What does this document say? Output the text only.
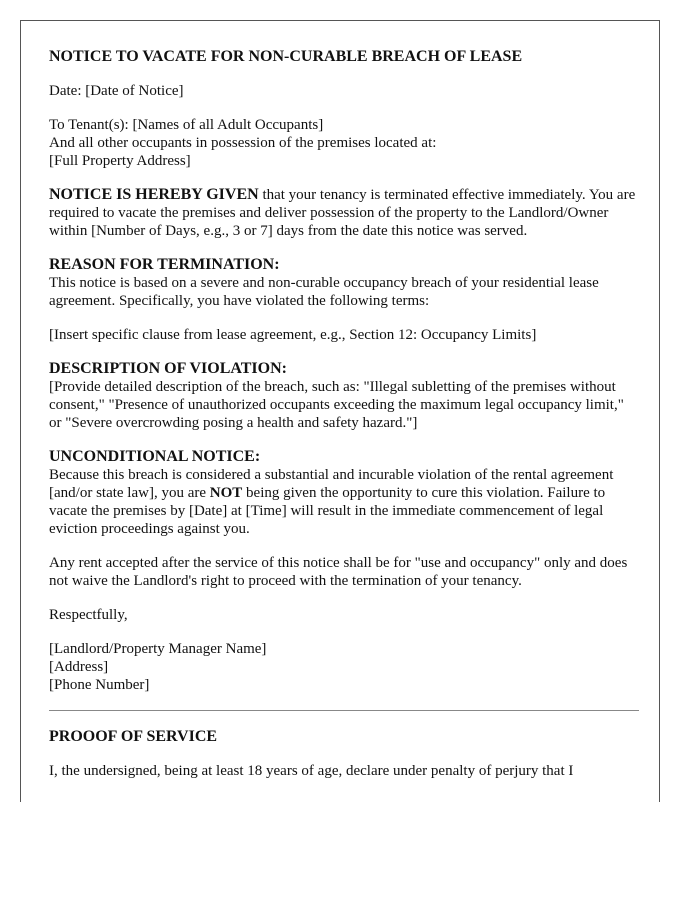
NOTICE TO VACATE FOR NON-CURABLE BREACH OF LEASE

Date: [Date of Notice]

To Tenant(s): [Names of all Adult Occupants]

And all other occupants in possession of the premises located at:

[Full Property Address]

NOTICE IS HEREBY GIVEN that your tenancy is terminated effective immediately. You are required to vacate the premises and deliver possession of the property to the Landlord/Owner within [Number of Days, e.g., 3 or 7] days from the date this notice was served.

REASON FOR TERMINATION:

This notice is based on a severe and non-curable occupancy breach of your residential lease agreement. Specifically, you have violated the following terms:

[Insert specific clause from lease agreement, e.g., Section 12: Occupancy Limits]

DESCRIPTION OF VIOLATION:

[Provide detailed description of the breach, such as: "Illegal subletting of the premises without consent," "Presence of unauthorized occupants exceeding the maximum legal occupancy limit," or "Severe overcrowding posing a health and safety hazard."]

UNCONDITIONAL NOTICE:

Because this breach is considered a substantial and incurable violation of the rental agreement [and/or state law], you are NOT being given the opportunity to cure this violation. Failure to vacate the premises by [Date] at [Time] will result in the immediate commencement of legal eviction proceedings against you.

Any rent accepted after the service of this notice shall be for "use and occupancy" only and does not waive the Landlord's right to proceed with the termination of your tenancy.

Respectfully,

[Landlord/Property Manager Name]

[Address]

[Phone Number]

PROOOF OF SERVICE

I, the undersigned, being at least 18 years of age, declare under penalty of perjury that I
